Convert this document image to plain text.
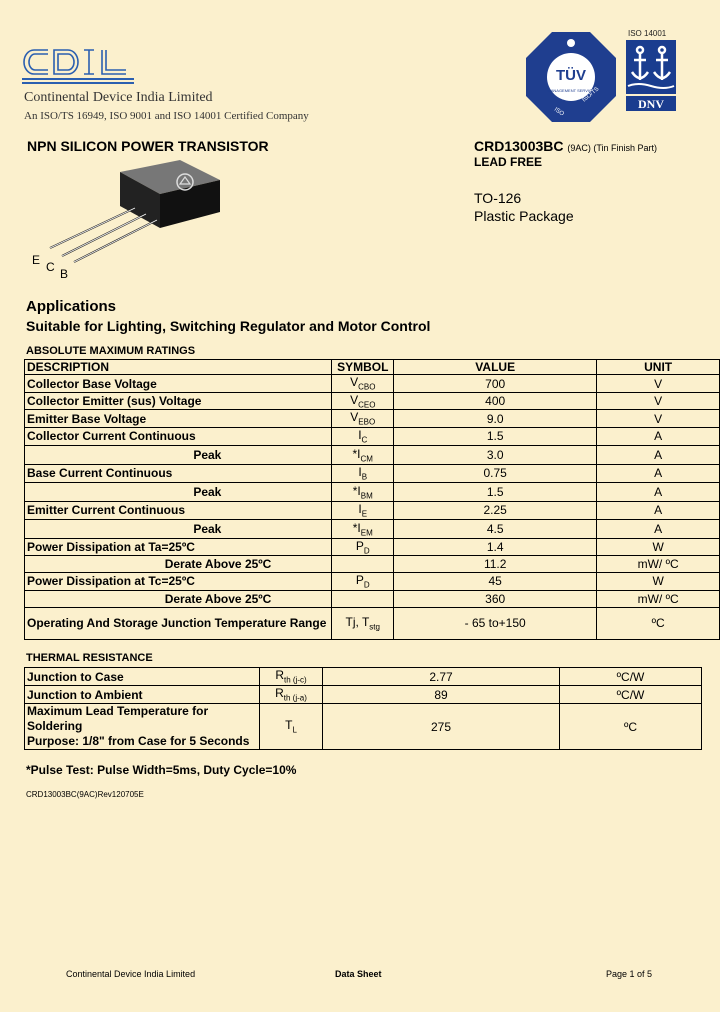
Continental Device India Limited
An ISO/TS 16949, ISO 9001 and ISO 14001 Certified Company
TÜV
MANAGEMENT SERVICE
ISO
ISO/TS
ISO 14001
DNV
NPN SILICON POWER TRANSISTOR	CRD13003BC (9AC) (Tin Finish Part)
LEAD FREE
TO-126
Plastic Package
E C B
Applications
Suitable for Lighting, Switching Regulator and Motor Control
ABSOLUTE MAXIMUM RATINGS
DESCRIPTION	SYMBOL	VALUE	UNIT
Collector Base Voltage	$V_{CBO}$	700	V
Collector Emitter (sus) Voltage	$V_{CEO}$	400	V
Emitter Base Voltage	$V_{EBO}$	9.0	V
Collector Current Continuous	$I_C$	1.5	A
Peak	$*I_{CM}$	3.0	A
Base Current Continuous	$I_B$	0.75	A
Peak	$*I_{BM}$	1.5	A
Emitter Current Continuous	$I_E$	2.25	A
Peak	$*I_{EM}$	4.5	A
Power Dissipation at Ta=25ºC	$P_D$	1.4	W
Derate Above 25ºC		11.2	mW/ ºC
Power Dissipation at Tc=25ºC	$P_D$	45	W
Derate Above 25ºC		360	mW/ ºC
Operating And Storage Junction Temperature Range	Tj, $T_{stg}$	- 65 to+150	ºC
THERMAL RESISTANCE
Junction to Case	$R_{th (j-c)}$	2.77	ºC/W
Junction to Ambient	$R_{th (j-a)}$	89	ºC/W

Maximum Lead Temperature for Soldering
Purpose: 1/8" from Case for 5 Seconds	$T_L$	275	ºC
*Pulse Test: Pulse Width=5ms, Duty Cycle=10%
CRD13003BC(9AC)Rev120705E
Continental Device India Limited	Data Sheet	Page 1 of 5
